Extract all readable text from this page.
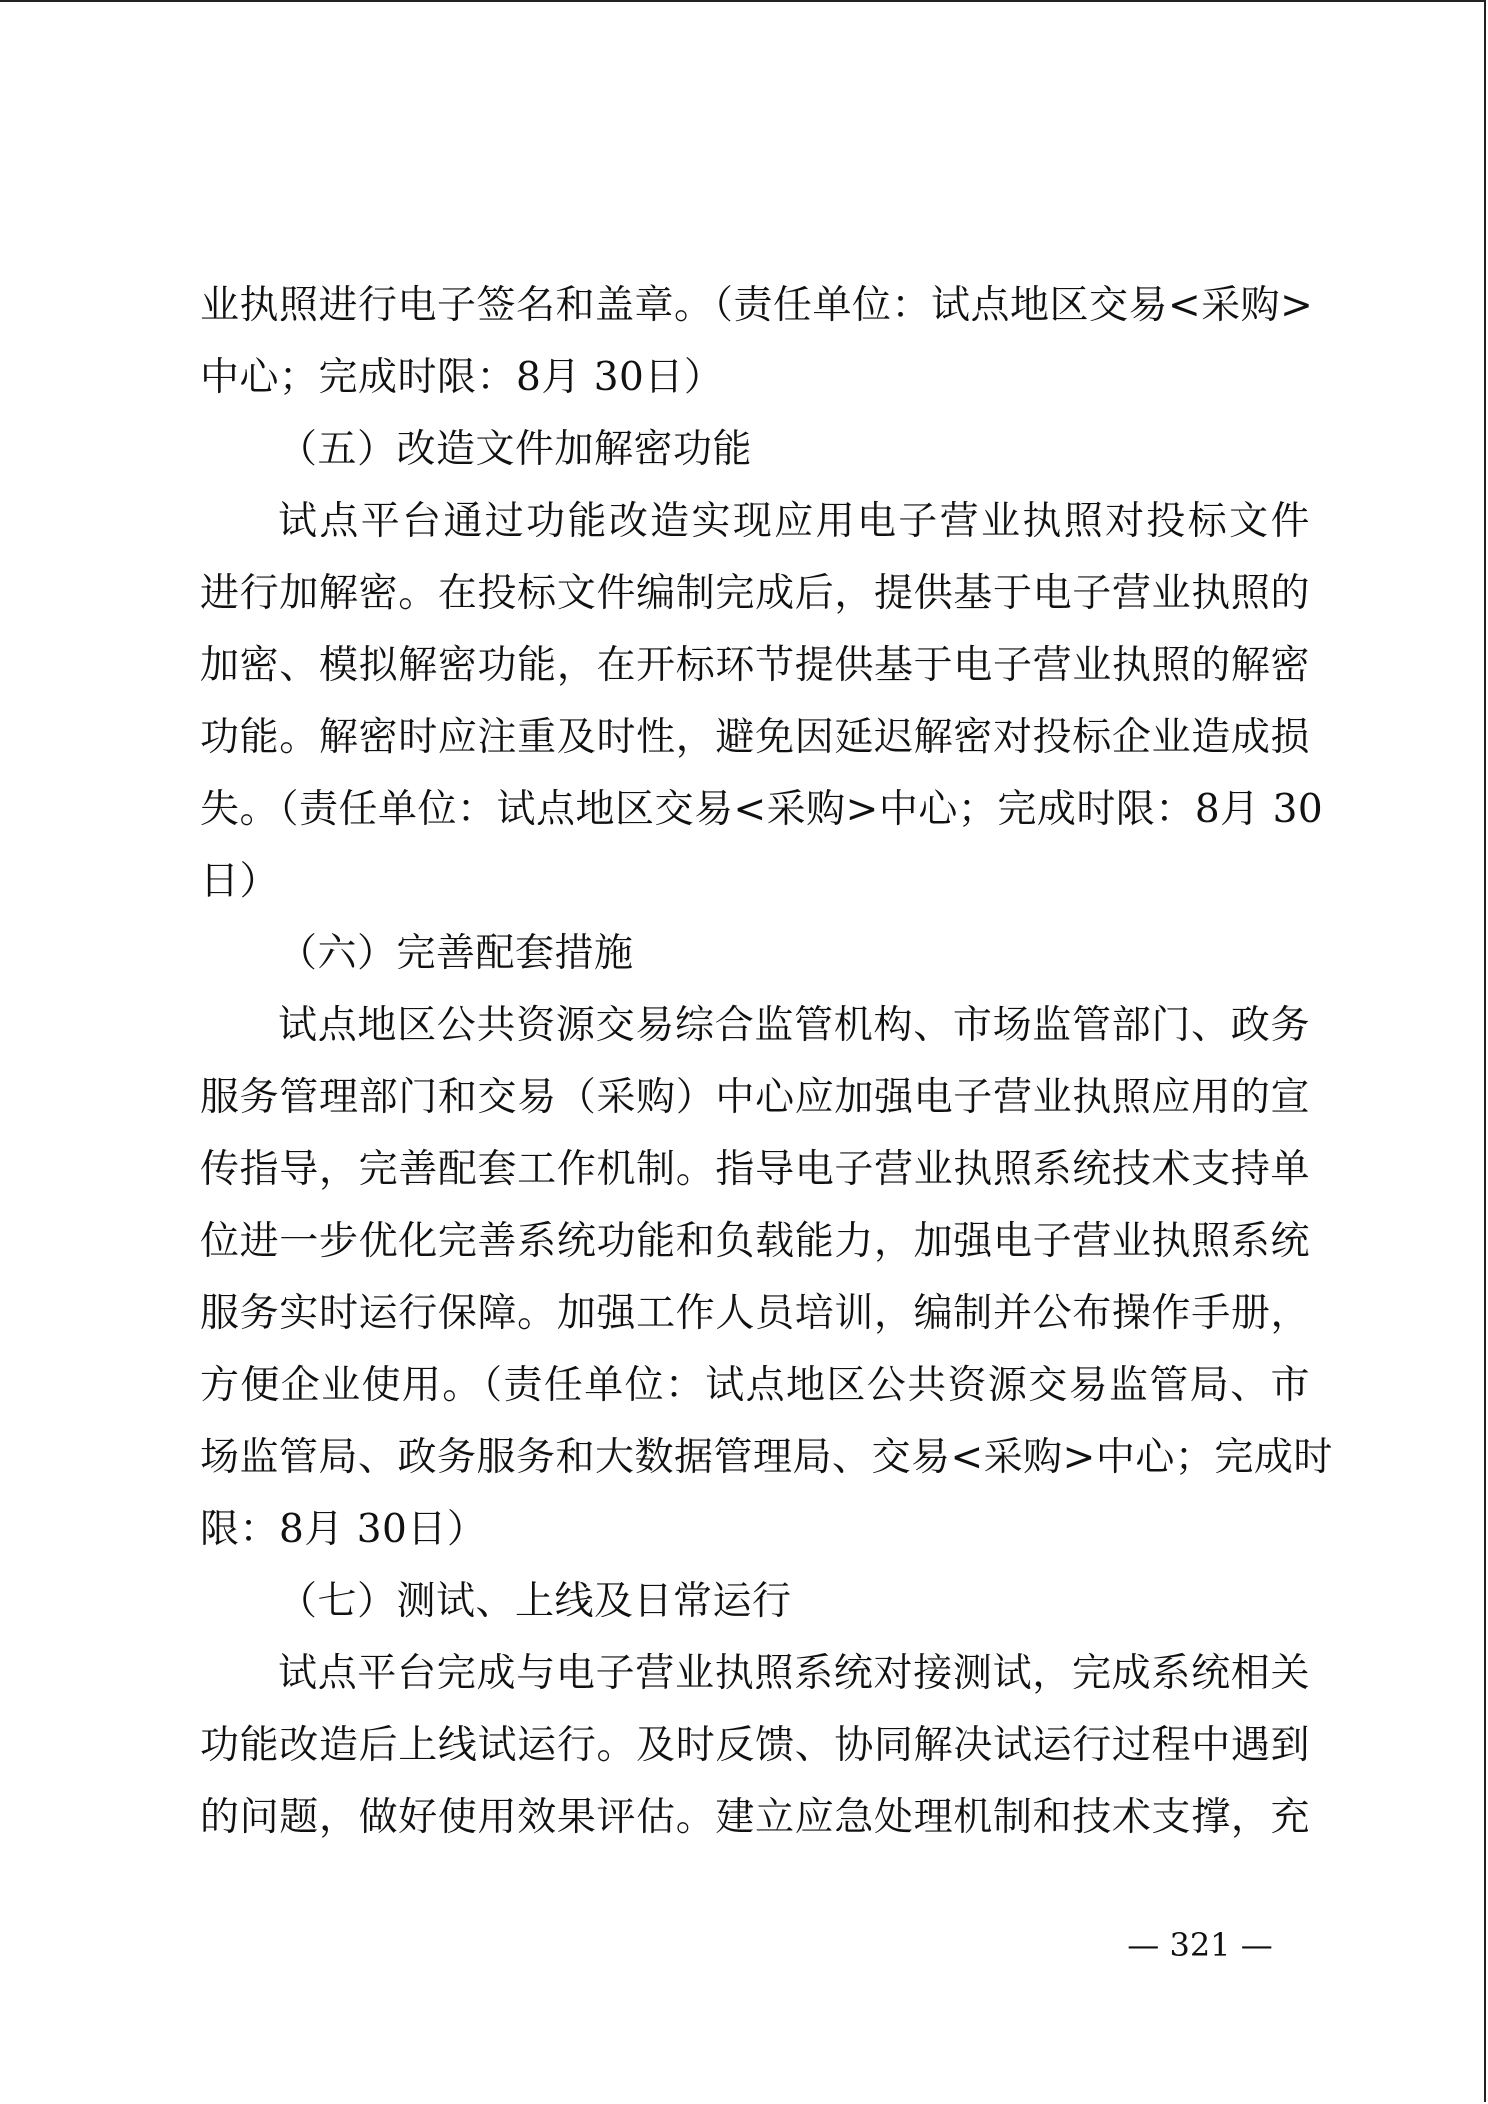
业执照进行电子签名和盖章。（责任单位：试点地区交易<采购>
中心；完成时限：8月 30日）
（五）改造文件加解密功能
试点平台通过功能改造实现应用电子营业执照对投标文件
进行加解密。在投标文件编制完成后，提供基于电子营业执照的
加密、模拟解密功能，在开标环节提供基于电子营业执照的解密
功能。解密时应注重及时性，避免因延迟解密对投标企业造成损
失。（责任单位：试点地区交易<采购>中心；完成时限：8月 30
日）
（六）完善配套措施
试点地区公共资源交易综合监管机构、市场监管部门、政务
服务管理部门和交易（采购）中心应加强电子营业执照应用的宣
传指导，完善配套工作机制。指导电子营业执照系统技术支持单
位进一步优化完善系统功能和负载能力，加强电子营业执照系统
服务实时运行保障。加强工作人员培训，编制并公布操作手册，
方便企业使用。（责任单位：试点地区公共资源交易监管局、市
场监管局、政务服务和大数据管理局、交易<采购>中心；完成时
限：8月 30日）
（七）测试、上线及日常运行
试点平台完成与电子营业执照系统对接测试，完成系统相关
功能改造后上线试运行。及时反馈、协同解决试运行过程中遇到
的问题，做好使用效果评估。建立应急处理机制和技术支撑，充
— 321 —
